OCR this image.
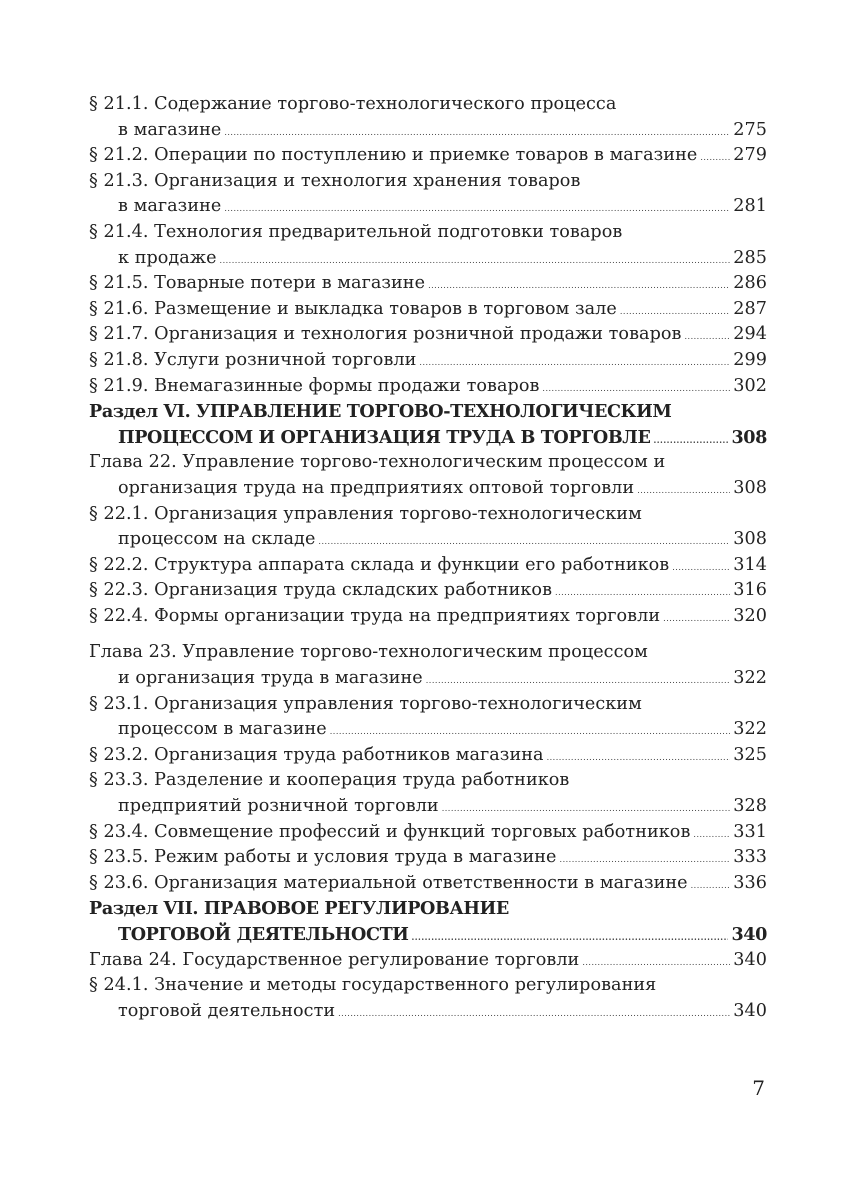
§ 21.1. Содержание торгово-технологического процесса
в магазине .....	275
§ 21.2. Операции по поступлению и приемке товаров в магазине ..... 279
§ 21.3. Организация и технология хранения товаров
в магазине .....	281
§ 21.4. Технология предварительной подготовки товаров
к продаже .....	285
§ 21.5. Товарные потери в магазине .....	286
§ 21.6. Размещение и выкладка товаров в торговом зале .....	287
§ 21.7. Организация и технология розничной продажи товаров .....	294
§ 21.8. Услуги розничной торговли .....	299
§ 21.9. Внемагазинные формы продажи товаров .....	302
Раздел VI. УПРАВЛЕНИЕ ТОРГОВО-ТЕХНОЛОГИЧЕСКИМ
ПРОЦЕССОМ И ОРГАНИЗАЦИЯ ТРУДА В ТОРГОВЛЕ .....	308
Глава 22. Управление торгово-технологическим процессом и
организация труда на предприятиях оптовой торговли .....	308
§ 22.1. Организация управления торгово-технологическим
процессом на складе .....	308
§ 22.2. Структура аппарата склада и функции его работников .....	314
§ 22.3. Организация труда складских работников .....	316
§ 22.4. Формы организации труда на предприятиях торговли .....	320
Глава 23. Управление торгово-технологическим процессом
и организация труда в магазине .....	322
§ 23.1. Организация управления торгово-технологическим
процессом в магазине .....	322
§ 23.2. Организация труда работников магазина .....	325
§ 23.3. Разделение и кооперация труда работников
предприятий розничной торговли .....	328
§ 23.4. Совмещение профессий и функций торговых работников ..... 331
§ 23.5. Режим работы и условия труда в магазине .....	333
§ 23.6. Организация материальной ответственности в магазине .....	336
Раздел VII. ПРАВОВОЕ РЕГУЛИРОВАНИЕ
ТОРГОВОЙ ДЕЯТЕЛЬНОСТИ .....	340
Глава 24. Государственное регулирование торговли .....	340
§ 24.1. Значение и методы государственного регулирования
торговой деятельности .....	340
7
